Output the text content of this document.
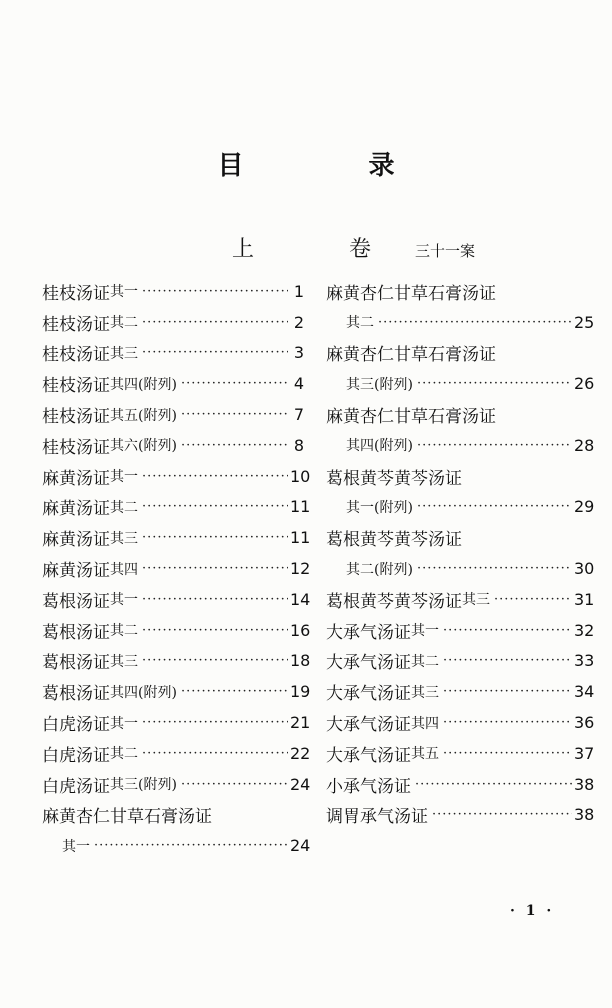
目 录
上 卷三十一案
桂枝汤证 其一 ·····	1
桂枝汤证 其二 ·····	2
桂枝汤证 其三 ·····	3
桂枝汤证 其四(附列) ·····	4
桂枝汤证 其五(附列) ·····	7
桂枝汤证 其六(附列) ·····	8
麻黄汤证 其一 ·····	10
麻黄汤证 其二 ·····	11
麻黄汤证 其三 ·····	11
麻黄汤证 其四 ·····	12
葛根汤证 其一 ·····	14
葛根汤证 其二 ·····	16
葛根汤证 其三 ·····	18
葛根汤证 其四(附列) ·····	19
白虎汤证 其一 ·····	21
白虎汤证 其二 ·····	22
白虎汤证 其三(附列) ·····	24
麻黄杏仁甘草石膏汤证
其一 ·····	24
麻黄杏仁甘草石膏汤证
其二 ·····	25
麻黄杏仁甘草石膏汤证
其三(附列) ·····	26
麻黄杏仁甘草石膏汤证
其四(附列) ·····	28
葛根黄芩黄芩汤证
其一(附列) ·····	29
葛根黄芩黄芩汤证
其二(附列) ·····	30
葛根黄芩黄芩汤证 其三 ·····	31
大承气汤证 其一 ·····	32
大承气汤证 其二 ·····	33
大承气汤证 其三 ·····	34
大承气汤证 其四 ·····	36
大承气汤证 其五 ·····	37
小承气汤证 ·····	38
调胃承气汤证 ·····	38
· 1 ·
